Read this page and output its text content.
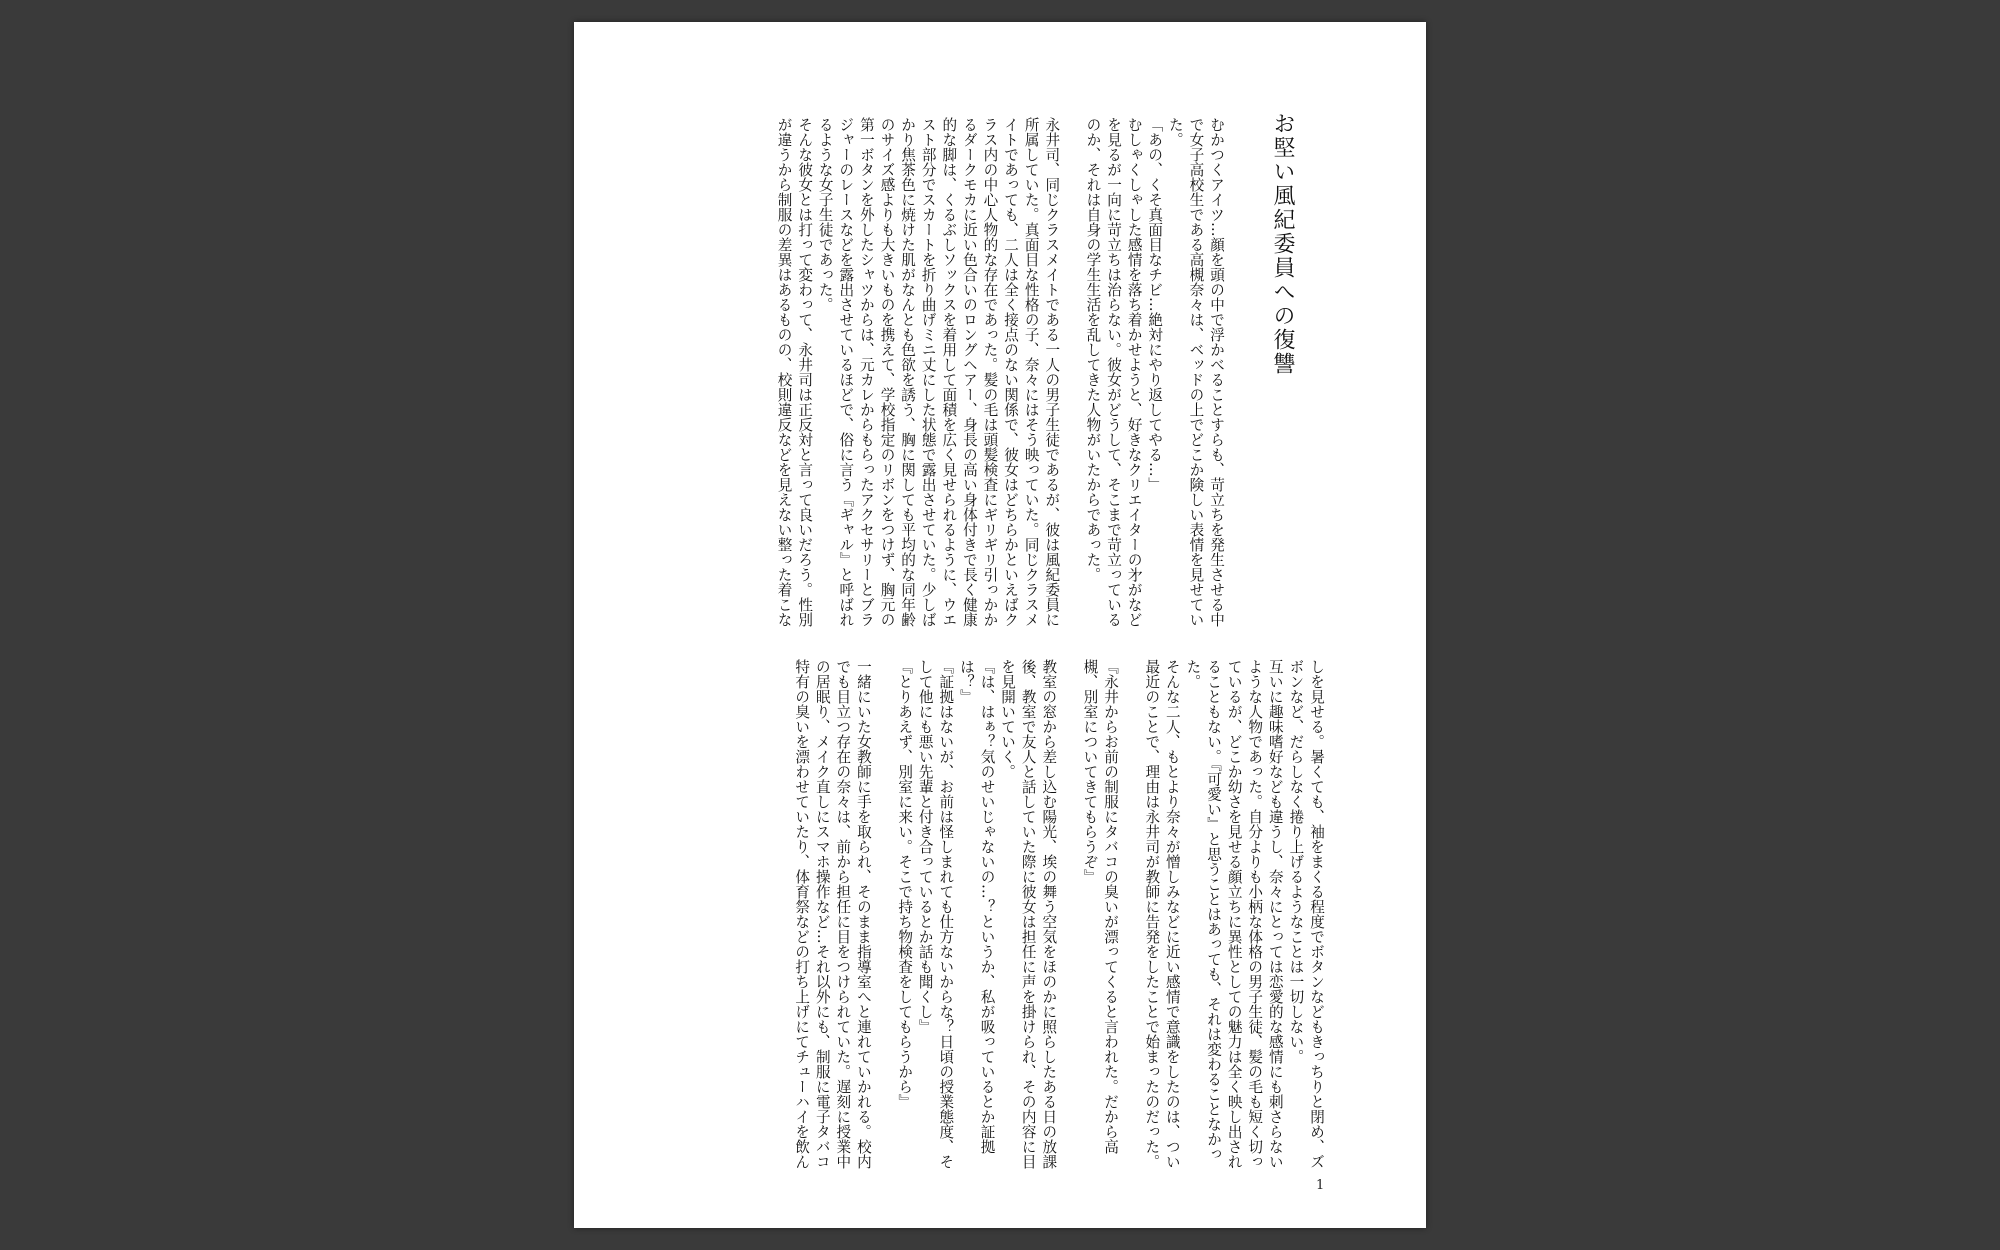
お堅い風紀委員への復讐

むかつくアイツ…顔を頭の中で浮かべることすらも、苛立ちを発生させる中

で女子高校生である高槻奈々は、ベッドの上でどこか険しい表情を見せてい

た。

「あの、くそ真面目なチビ…絶対にやり返してやる…」

むしゃくしゃした感情を落ち着かせようと、好きなクリエイターの㐧がなど

を見るが一向に苛立ちは治らない。彼女がどうして、そこまで苛立っている

のか、それは自身の学生生活を乱してきた人物がいたからであった。

永井司、同じクラスメイトである一人の男子生徒であるが、彼は風紀委員に

所属していた。真面目な性格の子、奈々にはそう映っていた。同じクラスメ

イトであっても、二人は全く接点のない関係で、彼女はどちらかといえばク

ラス内の中心人物的な存在であった。髪の毛は頭髪検査にギリギリ引っかか

るダークモカに近い色合いのロングヘアー、身長の高い身体付きで長く健康

的な脚は、くるぶしソックスを着用して面積を広く見せられるように、ウエ

スト部分でスカートを折り曲げミニ丈にした状態で露出させていた。少しば

かり焦茶色に焼けた肌がなんとも色欲を誘う、胸に関しても平均的な同年齢

のサイズ感よりも大きいものを携えて、学校指定のリボンをつけず、胸元の

第一ボタンを外したシャツからは、元カレからもらったアクセサリーとブラ

ジャーのレースなどを露出させているほどで、俗に言う『ギャル』と呼ばれ

るような女子生徒であった。

そんな彼女とは打って変わって、永井司は正反対と言って良いだろう。性別

が違うから制服の差異はあるものの、校則違反などを見えない整った着こな

しを見せる。暑くても、袖をまくる程度でボタンなどもきっちりと閉め、ズ

ボンなど、だらしなく捲り上げるようなことは一切しない。

互いに趣味嗜好なども違うし、奈々にとっては恋愛的な感情にも刺さらない

ような人物であった。自分よりも小柄な体格の男子生徒、髪の毛も短く切っ

ているが、どこか幼さを見せる顔立ちに異性としての魅力は全く映し出され

ることもない。『可愛い』と思うことはあっても、それは変わることなかっ

た。

そんな二人、もとより奈々が憎しみなどに近い感情で意識をしたのは、つい

最近のことで、理由は永井司が教師に告発をしたことで始まったのだった。

『永井からお前の制服にタバコの臭いが漂ってくると言われた。だから高

槻、別室についてきてもらうぞ』

教室の窓から差し込む陽光、埃の舞う空気をほのかに照らしたある日の放課

後、教室で友人と話していた際に彼女は担任に声を掛けられ、その内容に目

を見開いていく。

『は、はぁ？気のせいじゃないの…？というか、私が吸っているとか証拠

は？』

『証拠はないが、お前は怪しまれても仕方ないからな？日頃の授業態度、そ

して他にも悪い先輩と付き合っているとか話も聞くし』

『とりあえず、別室に来い。そこで持ち物検査をしてもらうから』

一緒にいた女教師に手を取られ、そのまま指導室へと連れていかれる。校内

でも目立つ存在の奈々は、前から担任に目をつけられていた。遅刻に授業中

の居眠り、メイク直しにスマホ操作など…それ以外にも、制服に電子タバコ

特有の臭いを漂わせていたり、体育祭などの打ち上げにてチューハイを飲ん

1
